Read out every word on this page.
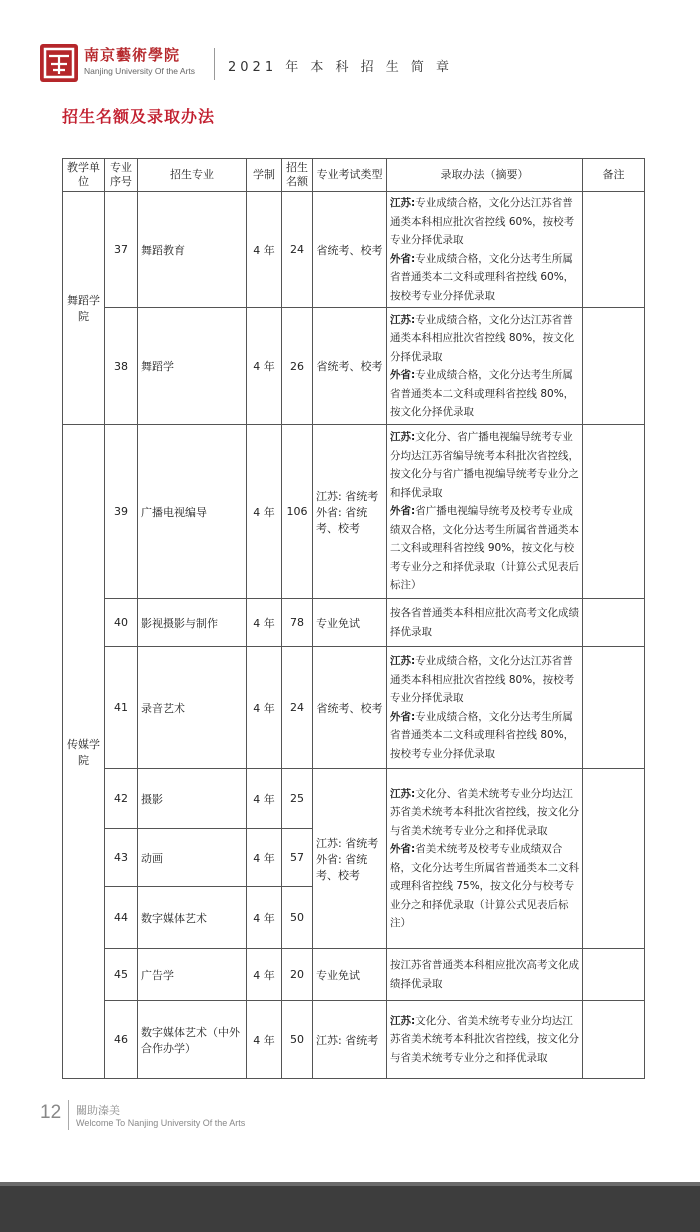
南京藝術學院
Nanjing University Of the Arts	2021 年 本 科 招 生 简 章
招生名额及录取办法
教学单位	专业序号	招生专业	学制	招生名额	专业考试类型	录取办法（摘要）	备注
舞蹈学院	37	舞蹈教育	4 年	24	省统考、校考	江苏:专业成绩合格，文化分达江苏省普通类本科相应批次省控线 60%，按校考专业分择优录取
外省:专业成绩合格，文化分达考生所属省普通类本二文科或理科省控线 60%，按校考专业分择优录取	
	38	舞蹈学	4 年	26	省统考、校考	江苏:专业成绩合格，文化分达江苏省普通类本科相应批次省控线 80%，按文化分择优录取
外省:专业成绩合格，文化分达考生所属省普通类本二文科或理科省控线 80%，按文化分择优录取	
传媒学院	39	广播电视编导	4 年	106	江苏: 省统考外省: 省统考、校考	江苏:文化分、省广播电视编导统考专业分均达江苏省编导统考本科批次省控线，按文化分与省广播电视编导统考专业分之和择优录取
外省:省广播电视编导统考及校考专业成绩双合格，文化分达考生所属省普通类本二文科或理科省控线 90%，按文化与校考专业分之和择优录取（计算公式见表后标注）	
	40	影视摄影与制作	4 年	78	专业免试	按各省普通类本科相应批次高考文化成绩择优录取	
	41	录音艺术	4 年	24	省统考、校考	江苏:专业成绩合格，文化分达江苏省普通类本科相应批次省控线 80%，按校考专业分择优录取
外省:专业成绩合格，文化分达考生所属省普通类本二文科或理科省控线 80%，按校考专业分择优录取	
	42	摄影	4 年	25	江苏: 省统考外省: 省统考、校考	江苏:文化分、省美术统考专业分均达江苏省美术统考本科批次省控线，按文化分与省美术统考专业分之和择优录取
外省:省美术统考及校考专业成绩双合格，文化分达考生所属省普通类本二文科或理科省控线 75%，按文化分与校考专业分之和择优录取（计算公式见表后标注）	
	43	动画	4 年	57			
	44	数字媒体艺术	4 年	50			
	45	广告学	4 年	20	专业免试	按江苏省普通类本科相应批次高考文化成绩择优录取	
	46	数字媒体艺术（中外合作办学）	4 年	50	江苏: 省统考	江苏:文化分、省美术统考专业分均达江苏省美术统考本科批次省控线，按文化分与省美术统考专业分之和择优录取	
12 關助溱美
Welcome To Nanjing University Of the Arts
